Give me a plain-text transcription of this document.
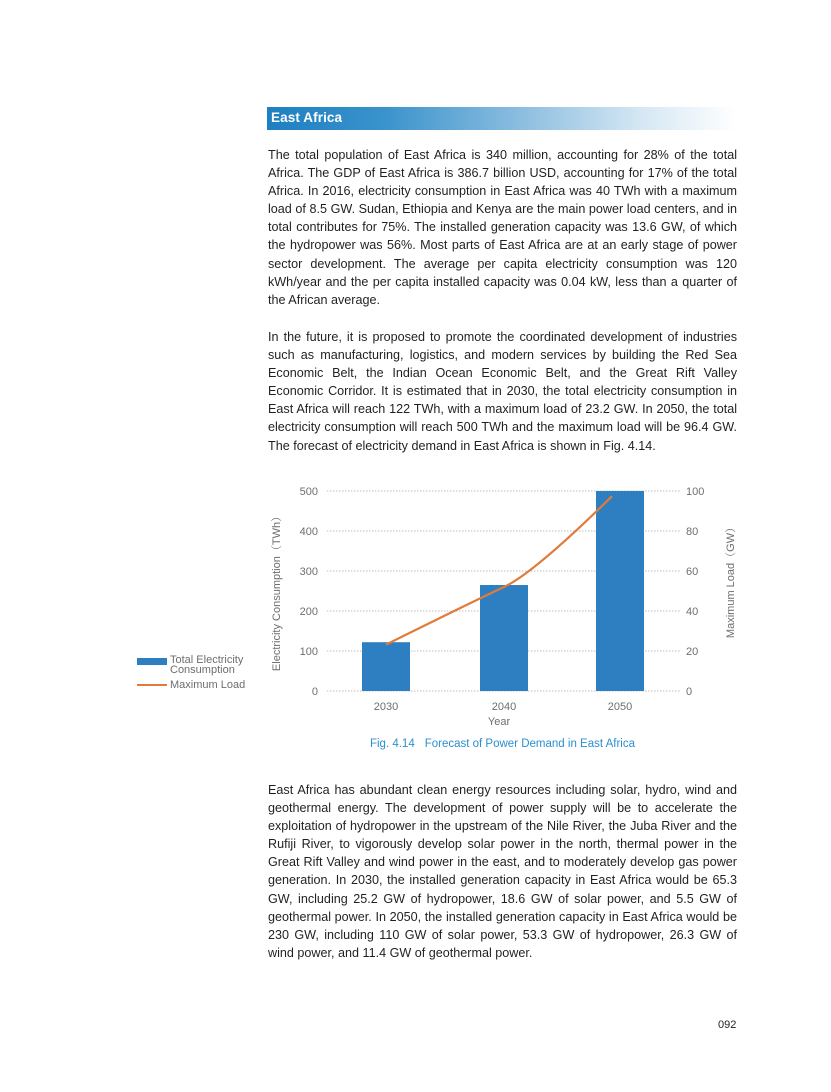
East Africa

The total population of East Africa is 340 million, accounting for 28% of the total Africa. The GDP of East Africa is 386.7 billion USD, accounting for 17% of the total Africa. In 2016, electricity consumption in East Africa was 40 TWh with a maximum load of 8.5 GW. Sudan, Ethiopia and Kenya are the main power load centers, and in total contributes for 75%. The installed generation capacity was 13.6 GW, of which the hydropower was 56%. Most parts of East Africa are at an early stage of power sector development. The average per capita electricity consumption was 120 kWh/year and the per capita installed capacity was 0.04 kW, less than a quarter of the African average.

In the future, it is proposed to promote the coordinated development of industries such as manufacturing, logistics, and modern services by building the Red Sea Economic Belt, the Indian Ocean Economic Belt, and the Great Rift Valley Economic Corridor. It is estimated that in 2030, the total electricity consumption in East Africa will reach 122 TWh, with a maximum load of 23.2 GW. In 2050, the total electricity consumption will reach 500 TWh and the maximum load will be 96.4 GW. The forecast of electricity demand in East Africa is shown in Fig. 4.14.

Total Electricity Consumption
Maximum Load
0
100
200
300
400
500
0
20
40
60
80
100
2030	2040	2050
Year
Electricity Consumption（TWh）	Maximum Load（GW）
Fig. 4.14 Forecast of Power Demand in East Africa

East Africa has abundant clean energy resources including solar, hydro, wind and geothermal energy. The development of power supply will be to accelerate the exploitation of hydropower in the upstream of the Nile River, the Juba River and the Rufiji River, to vigorously develop solar power in the north, thermal power in the Great Rift Valley and wind power in the east, and to moderately develop gas power generation. In 2030, the installed generation capacity in East Africa would be 65.3 GW, including 25.2 GW of hydropower, 18.6 GW of solar power, and 5.5 GW of geothermal power. In 2050, the installed generation capacity in East Africa would be 230 GW, including 110 GW of solar power, 53.3 GW of hydropower, 26.3 GW of wind power, and 11.4 GW of geothermal power.

092
